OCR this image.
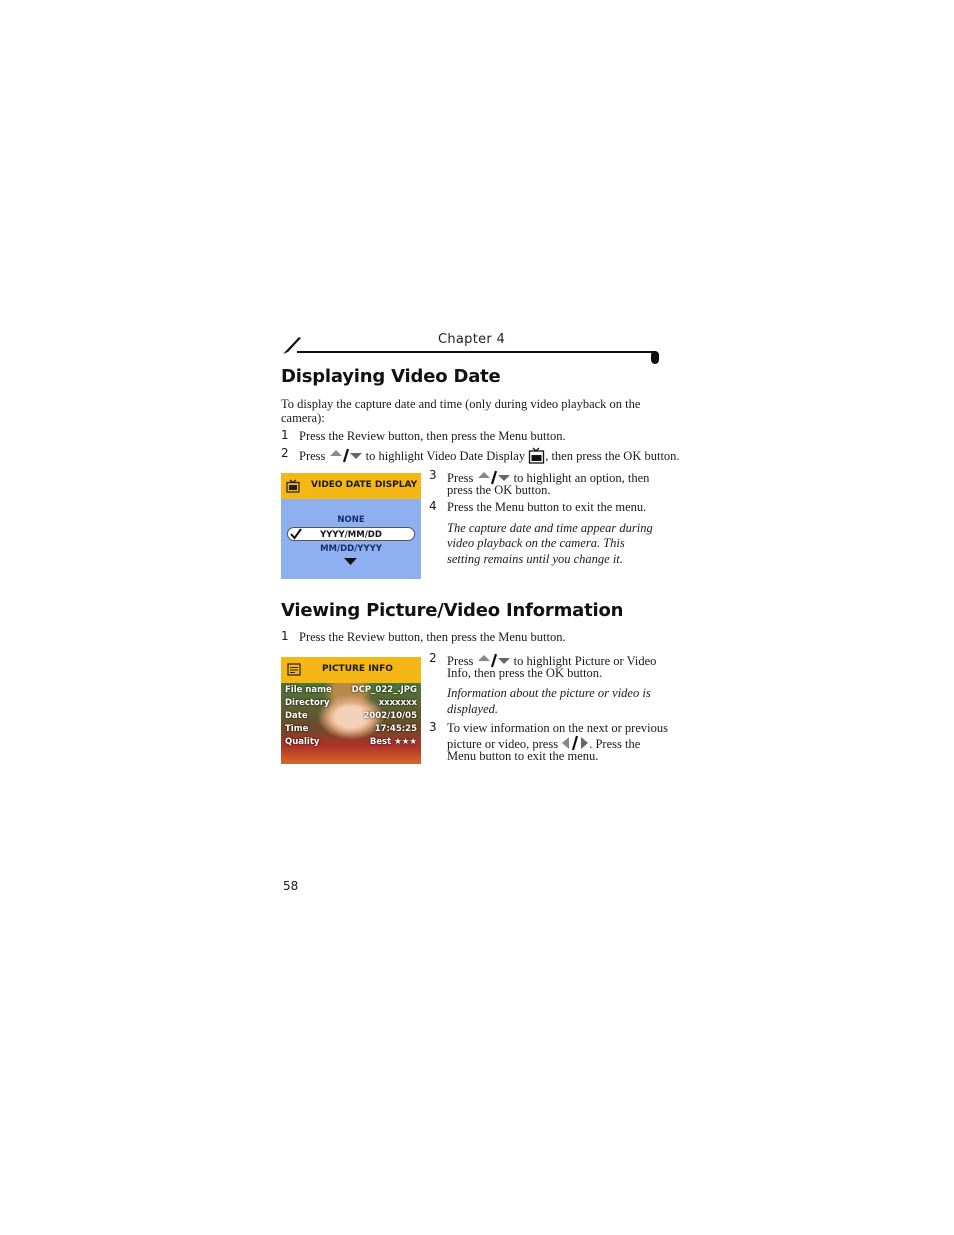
Chapter 4
Displaying Video Date
To display the capture date and time (only during video playback on the
camera):
1 Press the Review button, then press the Menu button.
2 Press	to highlight Video Date Display , then press the OK button.
VIDEO DATE DISPLAY
NONE
YYYY/MM/DD
MM/DD/YYYY
3 Press	to highlight an option, then
press the OK button.
4 Press the Menu button to exit the menu.
The capture date and time appear during
video playback on the camera. This
setting remains until you change it.
Viewing Picture/Video Information
1 Press the Review button, then press the Menu button.
PICTURE INFO
File name DCP_022_.JPG
Directory	xxxxxxx
Date	2002/10/05
Time	17:45:25
Quality	Best ★★★
2 Press	to highlight Picture or Video
Info, then press the OK button.
Information about the picture or video is
displayed.
3 To view information on the next or previous
picture or video, press . Press the
Menu button to exit the menu.
58
